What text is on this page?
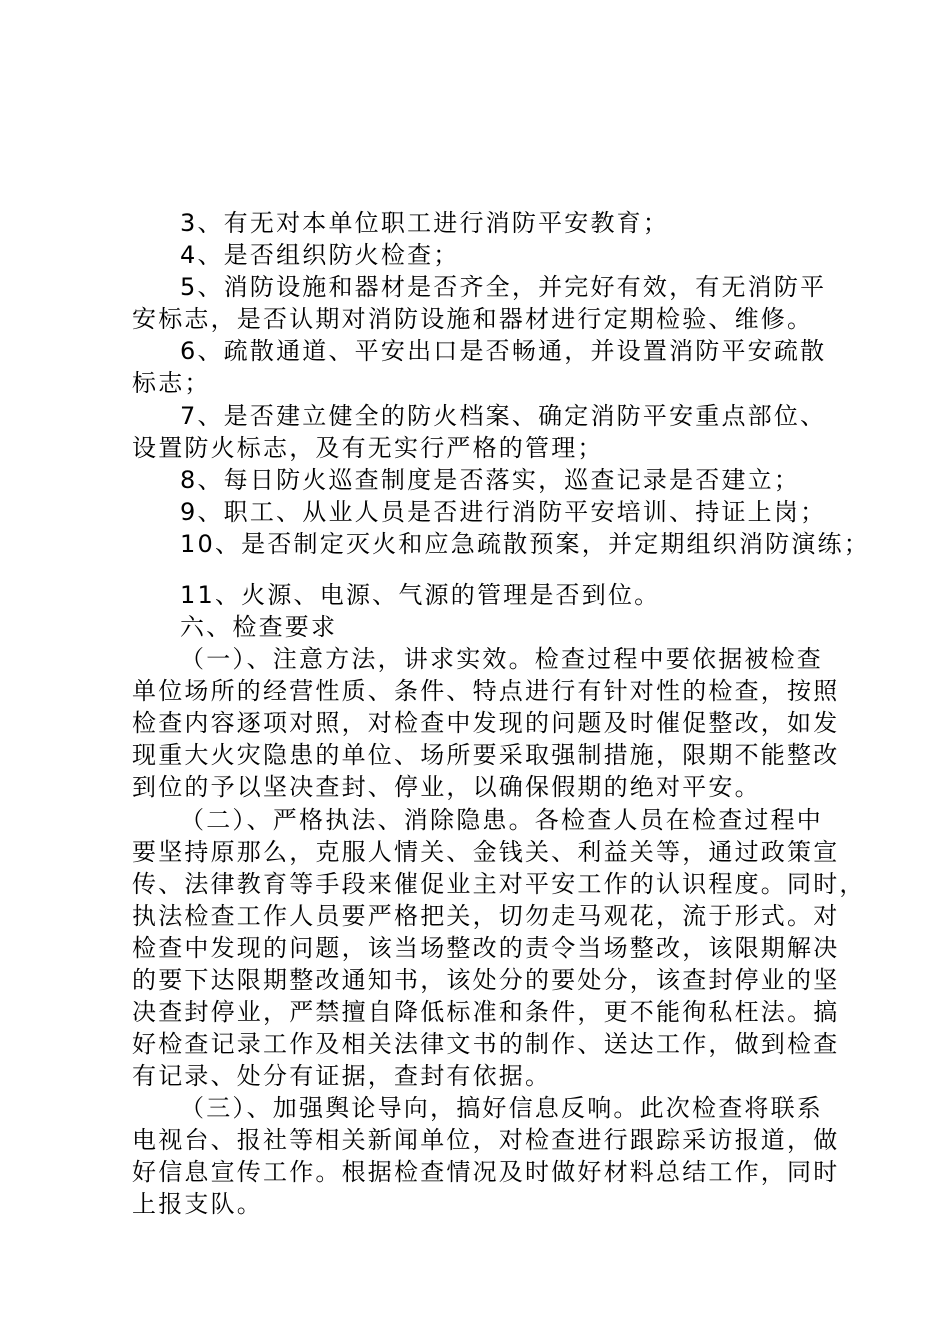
3、有无对本单位职工进行消防平安教育；
4、是否组织防火检查；
5、消防设施和器材是否齐全，并完好有效，有无消防平
安标志，是否认期对消防设施和器材进行定期检验、维修。
6、疏散通道、平安出口是否畅通，并设置消防平安疏散
标志；
7、是否建立健全的防火档案、确定消防平安重点部位、
设置防火标志，及有无实行严格的管理；
8、每日防火巡查制度是否落实，巡查记录是否建立；
9、职工、从业人员是否进行消防平安培训、持证上岗；
10、是否制定灭火和应急疏散预案，并定期组织消防演练；
11、火源、电源、气源的管理是否到位。
六、检查要求
（一）、注意方法，讲求实效。检查过程中要依据被检查
单位场所的经营性质、条件、特点进行有针对性的检查，按照
检查内容逐项对照，对检查中发现的问题及时催促整改，如发
现重大火灾隐患的单位、场所要采取强制措施，限期不能整改
到位的予以坚决查封、停业，以确保假期的绝对平安。
（二）、严格执法、消除隐患。各检查人员在检查过程中
要坚持原那么，克服人情关、金钱关、利益关等，通过政策宣
传、法律教育等手段来催促业主对平安工作的认识程度。同时，
执法检查工作人员要严格把关，切勿走马观花，流于形式。对
检查中发现的问题，该当场整改的责令当场整改，该限期解决
的要下达限期整改通知书，该处分的要处分，该查封停业的坚
决查封停业，严禁擅自降低标准和条件，更不能徇私枉法。搞
好检查记录工作及相关法律文书的制作、送达工作，做到检查
有记录、处分有证据，查封有依据。
（三）、加强舆论导向，搞好信息反响。此次检查将联系
电视台、报社等相关新闻单位，对检查进行跟踪采访报道，做
好信息宣传工作。根据检查情况及时做好材料总结工作，同时
上报支队。
